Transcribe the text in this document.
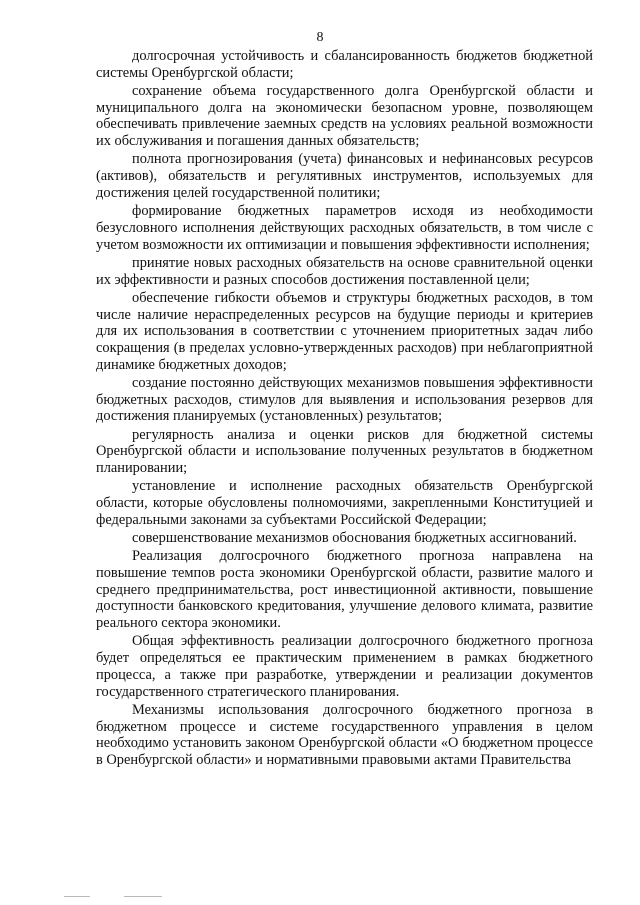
8

долгосрочная устойчивость и сбалансированность бюджетов бюджетной системы Оренбургской области;

сохранение объема государственного долга Оренбургской области и муниципального долга на экономически безопасном уровне, позволяющем обеспечивать привлечение заемных средств на условиях реальной возможности их обслуживания и погашения данных обязательств;

полнота прогнозирования (учета) финансовых и нефинансовых ресурсов (активов), обязательств и регулятивных инструментов, используемых для достижения целей государственной политики;

формирование бюджетных параметров исходя из необходимости безусловного исполнения действующих расходных обязательств, в том числе с учетом возможности их оптимизации и повышения эффективности исполнения;

принятие новых расходных обязательств на основе сравнительной оценки их эффективности и разных способов достижения поставленной цели;

обеспечение гибкости объемов и структуры бюджетных расходов, в том числе наличие нераспределенных ресурсов на будущие периоды и критериев для их использования в соответствии с уточнением приоритетных задач либо сокращения (в пределах условно-утвержденных расходов) при неблагоприятной динамике бюджетных доходов;

создание постоянно действующих механизмов повышения эффективности бюджетных расходов, стимулов для выявления и использования резервов для достижения планируемых (установленных) результатов;

регулярность анализа и оценки рисков для бюджетной системы Оренбургской области и использование полученных результатов в бюджетном планировании;

установление и исполнение расходных обязательств Оренбургской области, которые обусловлены полномочиями, закрепленными Конституцией и федеральными законами за субъектами Российской Федерации;

совершенствование механизмов обоснования бюджетных ассигнований.

Реализация долгосрочного бюджетного прогноза направлена на повышение темпов роста экономики Оренбургской области, развитие малого и среднего предпринимательства, рост инвестиционной активности, повышение доступности банковского кредитования, улучшение делового климата, развитие реального сектора экономики.

Общая эффективность реализации долгосрочного бюджетного прогноза будет определяться ее практическим применением в рамках бюджетного процесса, а также при разработке, утверждении и реализации документов государственного стратегического планирования.

Механизмы использования долгосрочного бюджетного прогноза в бюджетном процессе и системе государственного управления в целом необходимо установить законом Оренбургской области «О бюджетном процессе в Оренбургской области» и нормативными правовыми актами Правительства
